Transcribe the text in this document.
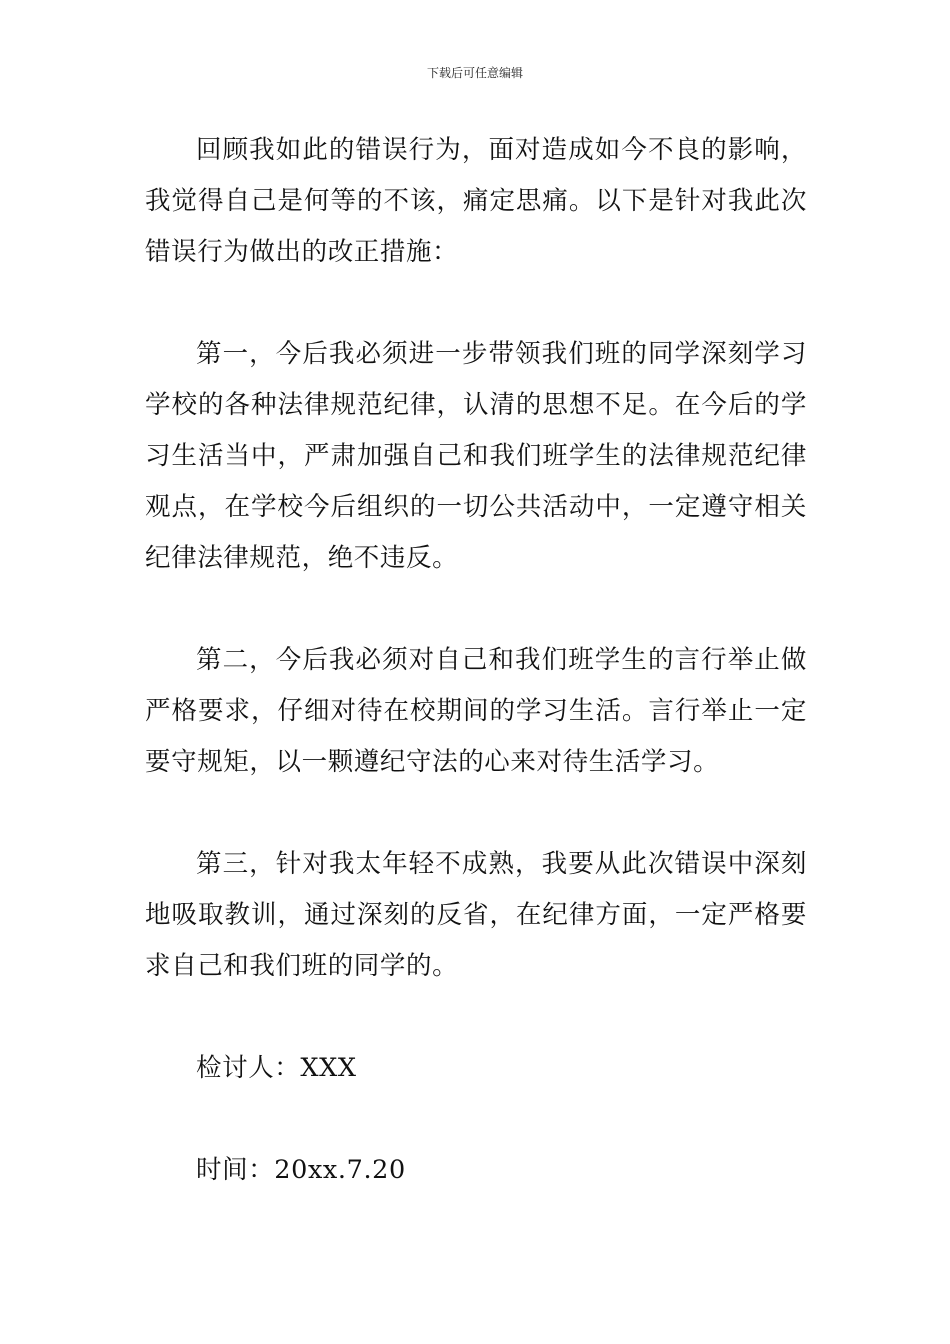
下载后可任意编辑

回顾我如此的错误行为，面对造成如今不良的影响，我觉得自己是何等的不该，痛定思痛。以下是针对我此次错误行为做出的改正措施：

第一，今后我必须进一步带领我们班的同学深刻学习学校的各种法律规范纪律，认清的思想不足。在今后的学习生活当中，严肃加强自己和我们班学生的法律规范纪律观点，在学校今后组织的一切公共活动中，一定遵守相关纪律法律规范，绝不违反。

第二，今后我必须对自己和我们班学生的言行举止做严格要求，仔细对待在校期间的学习生活。言行举止一定要守规矩，以一颗遵纪守法的心来对待生活学习。

第三，针对我太年轻不成熟，我要从此次错误中深刻地吸取教训，通过深刻的反省，在纪律方面，一定严格要求自己和我们班的同学的。

检讨人：XXX

时间：20xx.7.20
